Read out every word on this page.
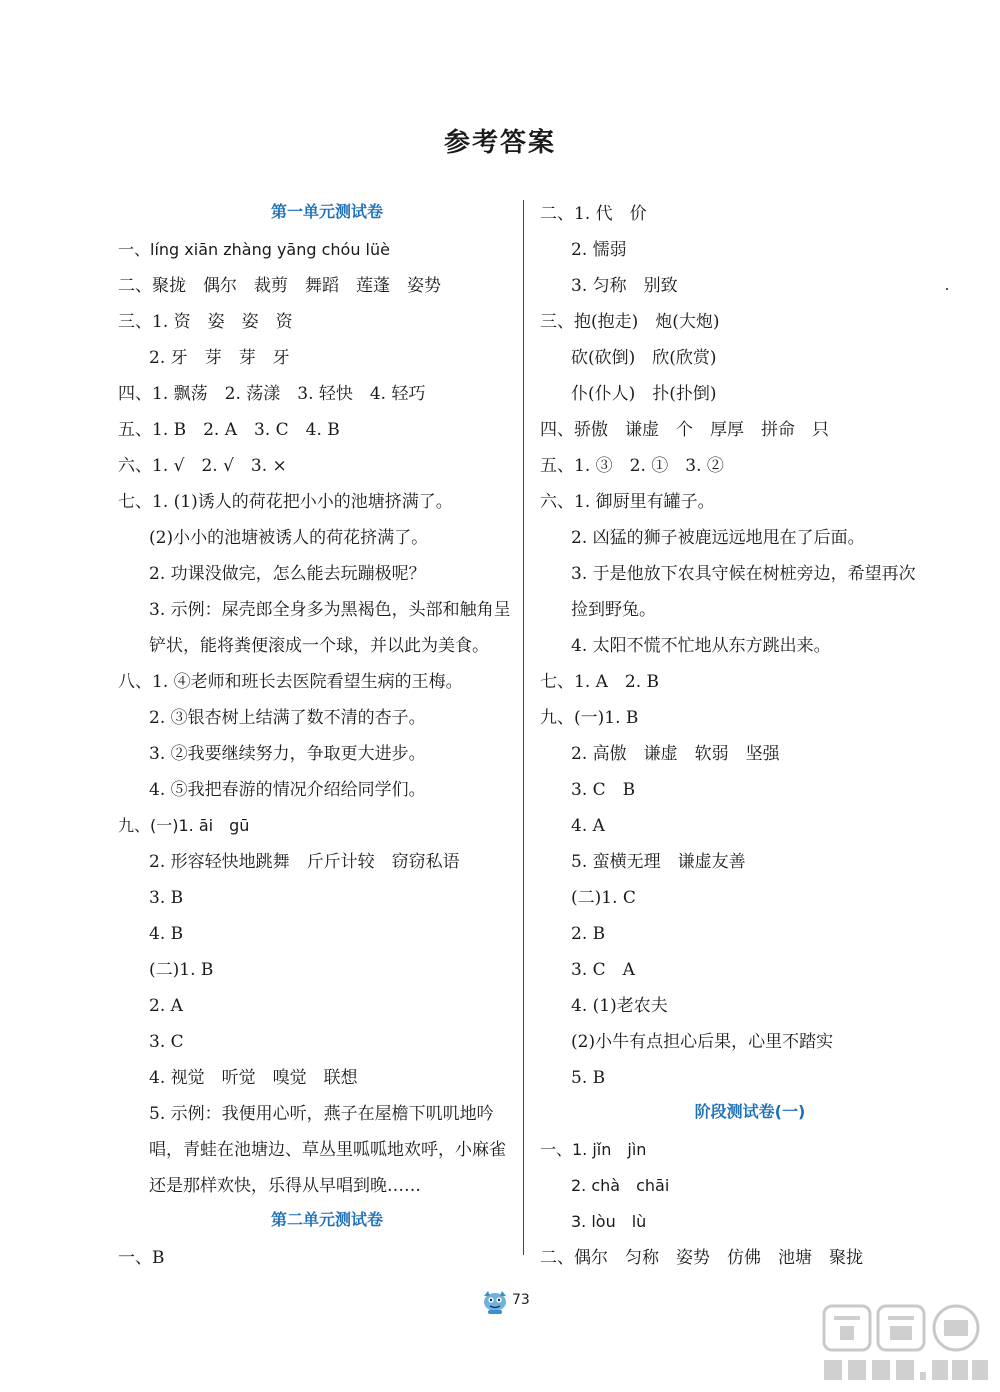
参考答案
第一单元测试卷
一、líng xiān zhàng yāng chóu lüè
二、聚拢　偶尔　裁剪　舞蹈　莲蓬　姿势
三、1. 资　姿　姿　资
2. 牙　芽　芽　牙
四、1. 飘荡　2. 荡漾　3. 轻快　4. 轻巧
五、1. B　2. A　3. C　4. B
六、1. √　2. √　3. ×
七、1. (1)诱人的荷花把小小的池塘挤满了。
(2)小小的池塘被诱人的荷花挤满了。
2. 功课没做完，怎么能去玩蹦极呢？
3. 示例：屎壳郎全身多为黑褐色，头部和触角呈
铲状，能将粪便滚成一个球，并以此为美食。
八、1. ④老师和班长去医院看望生病的王梅。
2. ③银杏树上结满了数不清的杏子。
3. ②我要继续努力，争取更大进步。
4. ⑤我把春游的情况介绍给同学们。
九、(一)1. āi　gū
2. 形容轻快地跳舞　斤斤计较　窃窃私语
3. B
4. B
(二)1. B
2. A
3. C
4. 视觉　听觉　嗅觉　联想
5. 示例：我便用心听，燕子在屋檐下叽叽地吟
唱，青蛙在池塘边、草丛里呱呱地欢呼，小麻雀
还是那样欢快，乐得从早唱到晚……
第二单元测试卷
一、B
二、1. 代　价
2. 懦弱
3. 匀称　别致
三、抱(抱走)　炮(大炮)
砍(砍倒)　欣(欣赏)
仆(仆人)　扑(扑倒)
四、骄傲　谦虚　个　厚厚　拼命　只
五、1. ③　2. ①　3. ②
六、1. 御厨里有罐子。
2. 凶猛的狮子被鹿远远地甩在了后面。
3. 于是他放下农具守候在树桩旁边，希望再次
捡到野兔。
4. 太阳不慌不忙地从东方跳出来。
七、1. A　2. B
九、(一)1. B
2. 高傲　谦虚　软弱　坚强
3. C　B
4. A
5. 蛮横无理　谦虚友善
(二)1. C
2. B
3. C　A
4. (1)老农夫
(2)小牛有点担心后果，心里不踏实
5. B
阶段测试卷(一)
一、1. jǐn　jìn
2. chà　chāi
3. lòu　lù
二、偶尔　匀称　姿势　仿佛　池塘　聚拢
73
